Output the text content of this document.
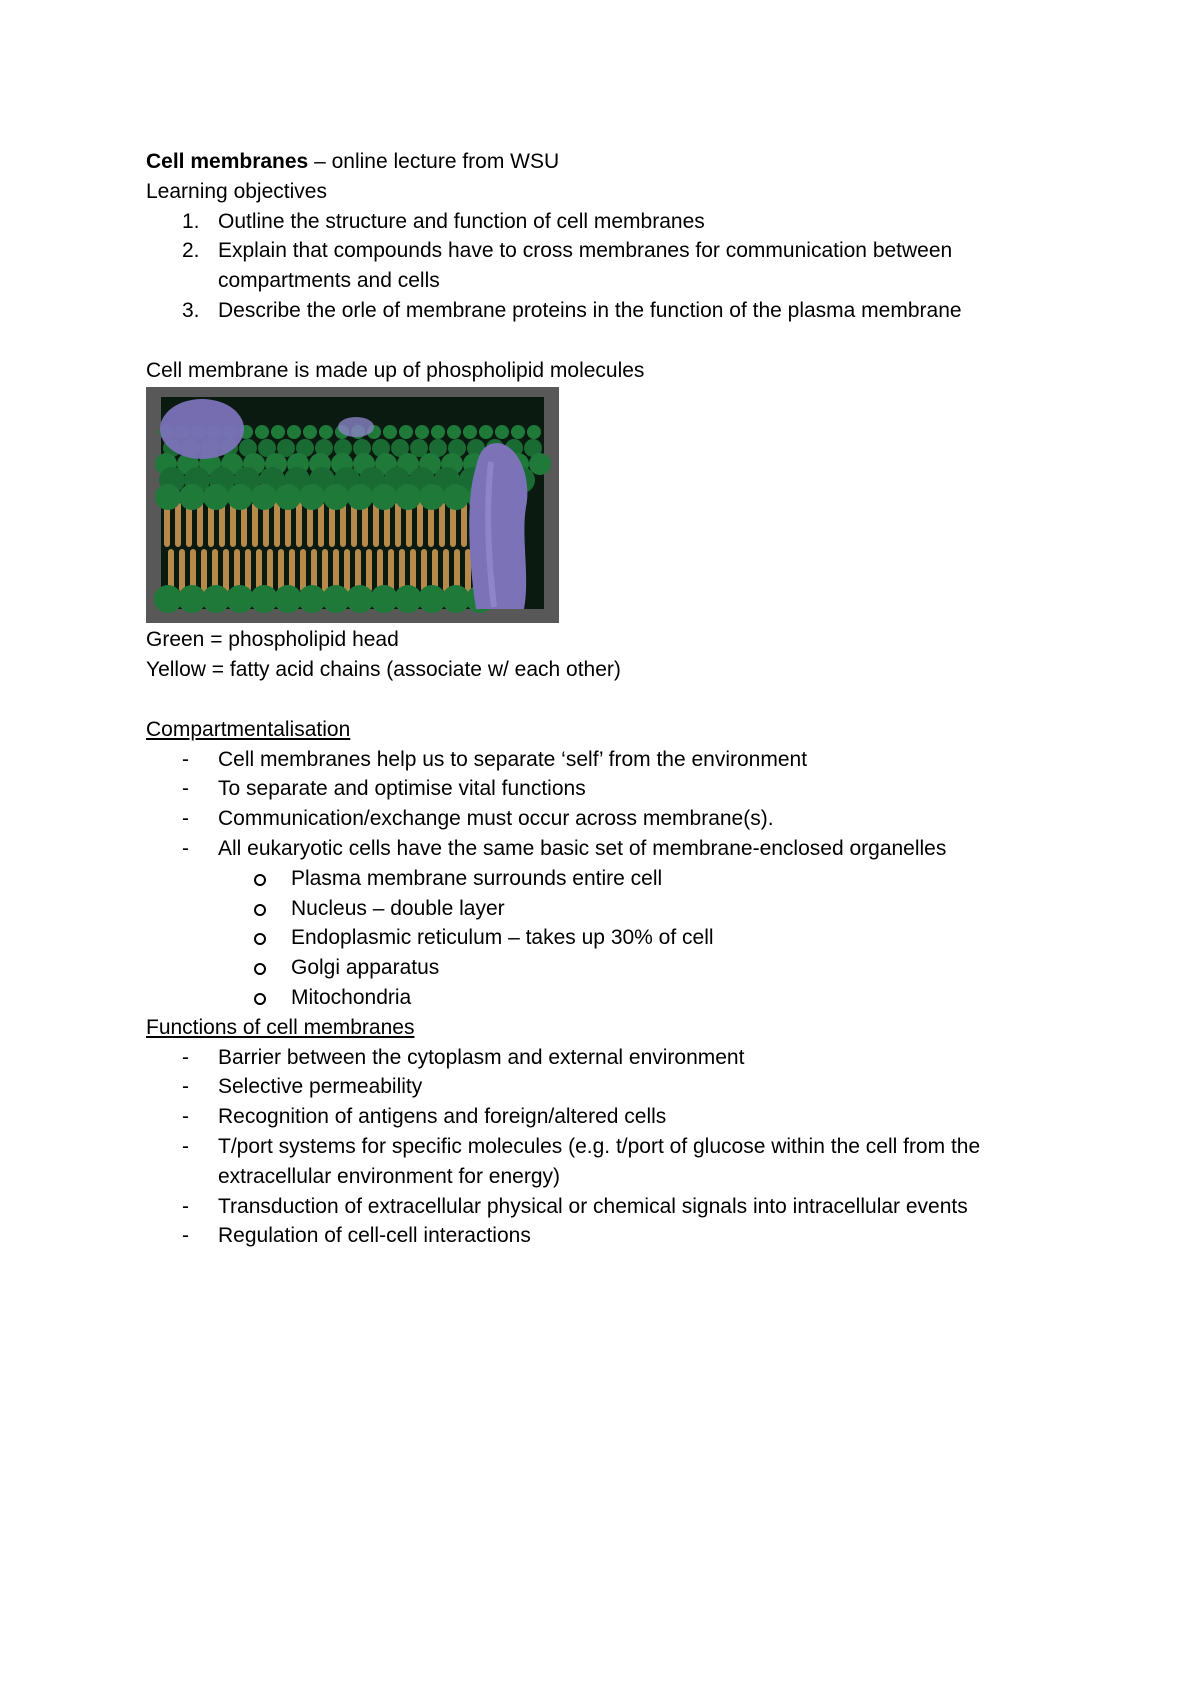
Cell membranes – online lecture from WSU

Learning objectives

1. Outline the structure and function of cell membranes
2. Explain that compounds have to cross membranes for communication between
compartments and cells
3. Describe the orle of membrane proteins in the function of the plasma membrane

Cell membrane is made up of phospholipid molecules

Green = phospholipid head

Yellow = fatty acid chains (associate w/ each other)

Compartmentalisation

- Cell membranes help us to separate ‘self’ from the environment
- To separate and optimise vital functions
- Communication/exchange must occur across membrane(s).
- All eukaryotic cells have the same basic set of membrane-enclosed organelles
Plasma membrane surrounds entire cell
Nucleus – double layer
Endoplasmic reticulum – takes up 30% of cell
Golgi apparatus
Mitochondria

Functions of cell membranes

- Barrier between the cytoplasm and external environment
- Selective permeability
- Recognition of antigens and foreign/altered cells
- T/port systems for specific molecules (e.g. t/port of glucose within the cell from the
extracellular environment for energy)
- Transduction of extracellular physical or chemical signals into intracellular events
- Regulation of cell-cell interactions
